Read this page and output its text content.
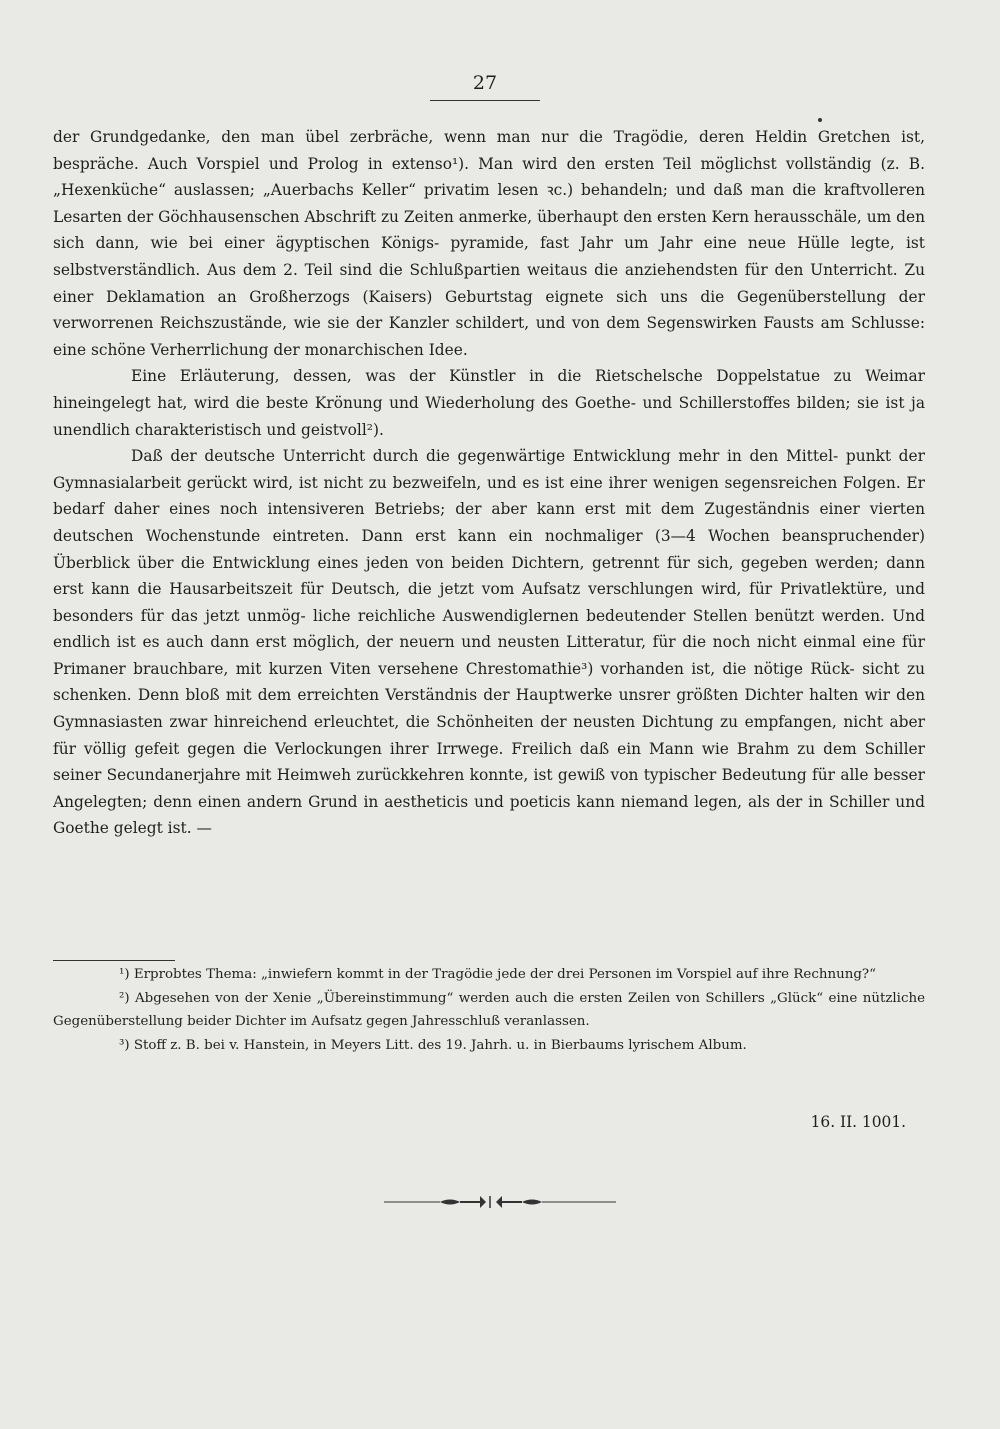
27

der Grundgedanke, den man übel zerbräche, wenn man nur die Tragödie, deren Heldin Gretchen ist, bespräche. Auch Vorspiel und Prolog in extenso¹). Man wird den ersten Teil möglichst vollständig (z. B. „Hexenküche“ auslassen; „Auerbachs Keller“ privatim lesen ꝛc.) behandeln; und daß man die kraftvolleren Lesarten der Göchhausenschen Abschrift zu Zeiten anmerke, überhaupt den ersten Kern herausschäle, um den sich dann, wie bei einer ägyptischen Königs- pyramide, fast Jahr um Jahr eine neue Hülle legte, ist selbstverständlich. Aus dem 2. Teil sind die Schlußpartien weitaus die anziehendsten für den Unterricht. Zu einer Deklamation an Großherzogs (Kaisers) Geburtstag eignete sich uns die Gegenüberstellung der verworrenen Reichszustände, wie sie der Kanzler schildert, und von dem Segenswirken Fausts am Schlusse: eine schöne Verherrlichung der monarchischen Idee.

Eine Erläuterung, dessen, was der Künstler in die Rietschelsche Doppelstatue zu Weimar hineingelegt hat, wird die beste Krönung und Wiederholung des Goethe- und Schillerstoffes bilden; sie ist ja unendlich charakteristisch und geistvoll²).

Daß der deutsche Unterricht durch die gegenwärtige Entwicklung mehr in den Mittel- punkt der Gymnasialarbeit gerückt wird, ist nicht zu bezweifeln, und es ist eine ihrer wenigen segensreichen Folgen. Er bedarf daher eines noch intensiveren Betriebs; der aber kann erst mit dem Zugeständnis einer vierten deutschen Wochenstunde eintreten. Dann erst kann ein nochmaliger (3—4 Wochen beanspruchender) Überblick über die Entwicklung eines jeden von beiden Dichtern, getrennt für sich, gegeben werden; dann erst kann die Hausarbeitszeit für Deutsch, die jetzt vom Aufsatz verschlungen wird, für Privatlektüre, und besonders für das jetzt unmög- liche reichliche Auswendiglernen bedeutender Stellen benützt werden. Und endlich ist es auch dann erst möglich, der neuern und neusten Litteratur, für die noch nicht einmal eine für Primaner brauchbare, mit kurzen Viten versehene Chrestomathie³) vorhanden ist, die nötige Rück- sicht zu schenken. Denn bloß mit dem erreichten Verständnis der Hauptwerke unsrer größten Dichter halten wir den Gymnasiasten zwar hinreichend erleuchtet, die Schönheiten der neusten Dichtung zu empfangen, nicht aber für völlig gefeit gegen die Verlockungen ihrer Irrwege. Freilich daß ein Mann wie Brahm zu dem Schiller seiner Secundanerjahre mit Heimweh zurückkehren konnte, ist gewiß von typischer Bedeutung für alle besser Angelegten; denn einen andern Grund in aestheticis und poeticis kann niemand legen, als der in Schiller und Goethe gelegt ist. —

¹) Erprobtes Thema: „inwiefern kommt in der Tragödie jede der drei Personen im Vorspiel auf ihre Rechnung?“

²) Abgesehen von der Xenie „Übereinstimmung“ werden auch die ersten Zeilen von Schillers „Glück“ eine nützliche Gegenüberstellung beider Dichter im Aufsatz gegen Jahresschluß veranlassen.

³) Stoff z. B. bei v. Hanstein, in Meyers Litt. des 19. Jahrh. u. in Bierbaums lyrischem Album.

16. II. 1001.
